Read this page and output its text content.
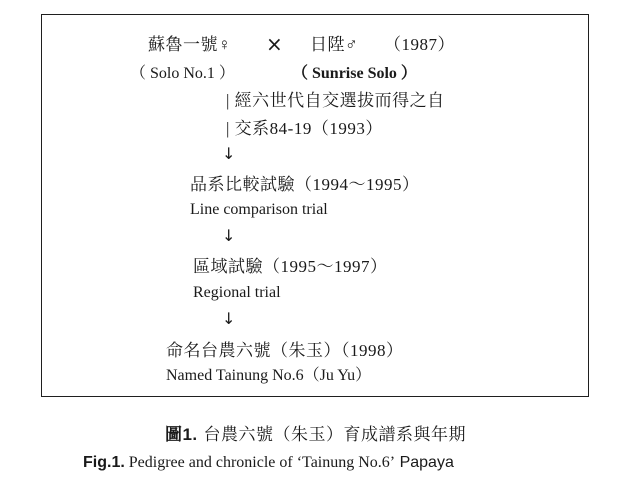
蘇魯一號♀ × 日陞♂ （1987）
（ Solo No.1 ）	（ Sunrise Solo ）
| 經六世代自交選拔而得之自
| 交系84-19（1993）
↓
品系比較試驗（1994～1995）
Line comparison trial
↓
區域試驗（1995～1997）
Regional trial
↓
命名台農六號（朱玉）（1998）
Named Tainung No.6（Ju Yu）
圖1. 台農六號（朱玉）育成譜系與年期
Fig.1. Pedigree and chronicle of ‘Tainung No.6’ Papaya
